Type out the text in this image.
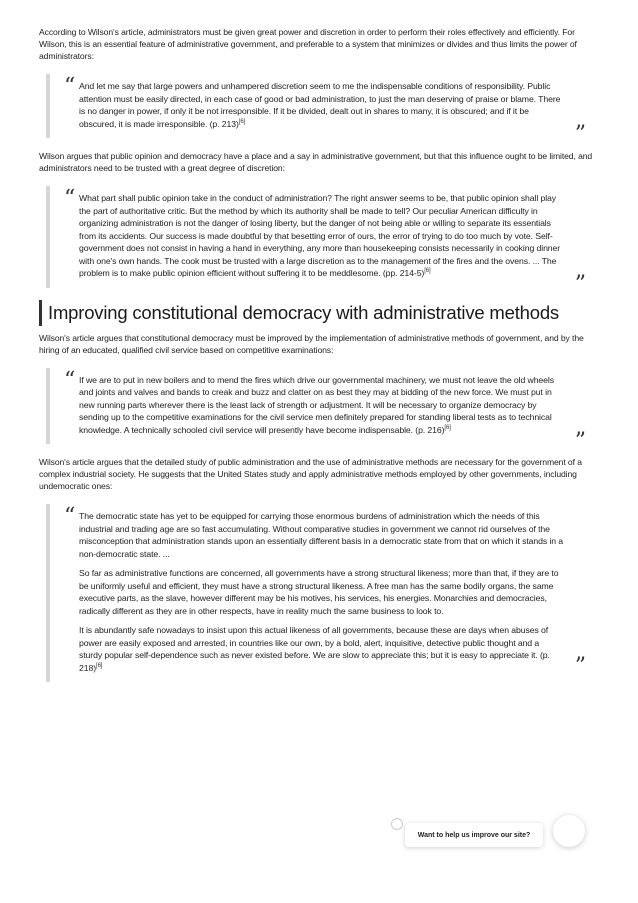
According to Wilson's article, administrators must be given great power and discretion in order to perform their roles effectively and efficiently. For Wilson, this is an essential feature of administrative government, and preferable to a system that minimizes or divides and thus limits the power of administrators:

“ And let me say that large powers and unhampered discretion seem to me the indispensable conditions of responsibility. Public attention must be easily directed, in each case of good or bad administration, to just the man deserving of praise or blame. There is no danger in power, if only it be not irresponsible. If it be divided, dealt out in shares to many, it is obscured; and if it be obscured, it is made irresponsible. (p. 213)[6]

”

Wilson argues that public opinion and democracy have a place and a say in administrative government, but that this influence ought to be limited, and administrators need to be trusted with a great degree of discretion:

“ What part shall public opinion take in the conduct of administration? The right answer seems to be, that public opinion shall play the part of authoritative critic. But the method by which its authority shall be made to tell? Our peculiar American difficulty in organizing administration is not the danger of losing liberty, but the danger of not being able or willing to separate its essentials from its accidents. Our success is made doubtful by that besetting error of ours, the error of trying to do too much by vote. Self-government does not consist in having a hand in everything, any more than housekeeping consists necessarily in cooking dinner with one's own hands. The cook must be trusted with a large discretion as to the management of the fires and the ovens. ... The problem is to make public opinion efficient without suffering it to be meddlesome. (pp. 214-5)[6]

”
Improving constitutional democracy with administrative methods

Wilson's article argues that constitutional democracy must be improved by the implementation of administrative methods of government, and by the hiring of an educated, qualified civil service based on competitive examinations:

“ If we are to put in new boilers and to mend the fires which drive our governmental machinery, we must not leave the old wheels and joints and valves and bands to creak and buzz and clatter on as best they may at bidding of the new force. We must put in new running parts wherever there is the least lack of strength or adjustment. It will be necessary to organize democracy by sending up to the competitive examinations for the civil service men definitely prepared for standing liberal tests as to technical knowledge. A technically schooled civil service will presently have become indispensable. (p. 216)[6]

”

Wilson's article argues that the detailed study of public administration and the use of administrative methods are necessary for the government of a complex industrial society. He suggests that the United States study and apply administrative methods employed by other governments, including undemocratic ones:

“ The democratic state has yet to be equipped for carrying those enormous burdens of administration which the needs of this industrial and trading age are so fast accumulating. Without comparative studies in government we cannot rid ourselves of the misconception that administration stands upon an essentially different basis in a democratic state from that on which it stands in a non-democratic state. ...

So far as administrative functions are concerned, all governments have a strong structural likeness; more than that, if they are to be uniformly useful and efficient, they must have a strong structural likeness. A free man has the same bodily organs, the same executive parts, as the slave, however different may be his motives, his services, his energies. Monarchies and democracies, radically different as they are in other respects, have in reality much the same business to look to.

It is abundantly safe nowadays to insist upon this actual likeness of all governments, because these are days when abuses of power are easily exposed and arrested, in countries like our own, by a bold, alert, inquisitive, detective public thought and a sturdy popular self-dependence such as never existed before. We are slow to appreciate this; but it is easy to appreciate it. (p. 218)[6]	”
Want to help us improve our site?
